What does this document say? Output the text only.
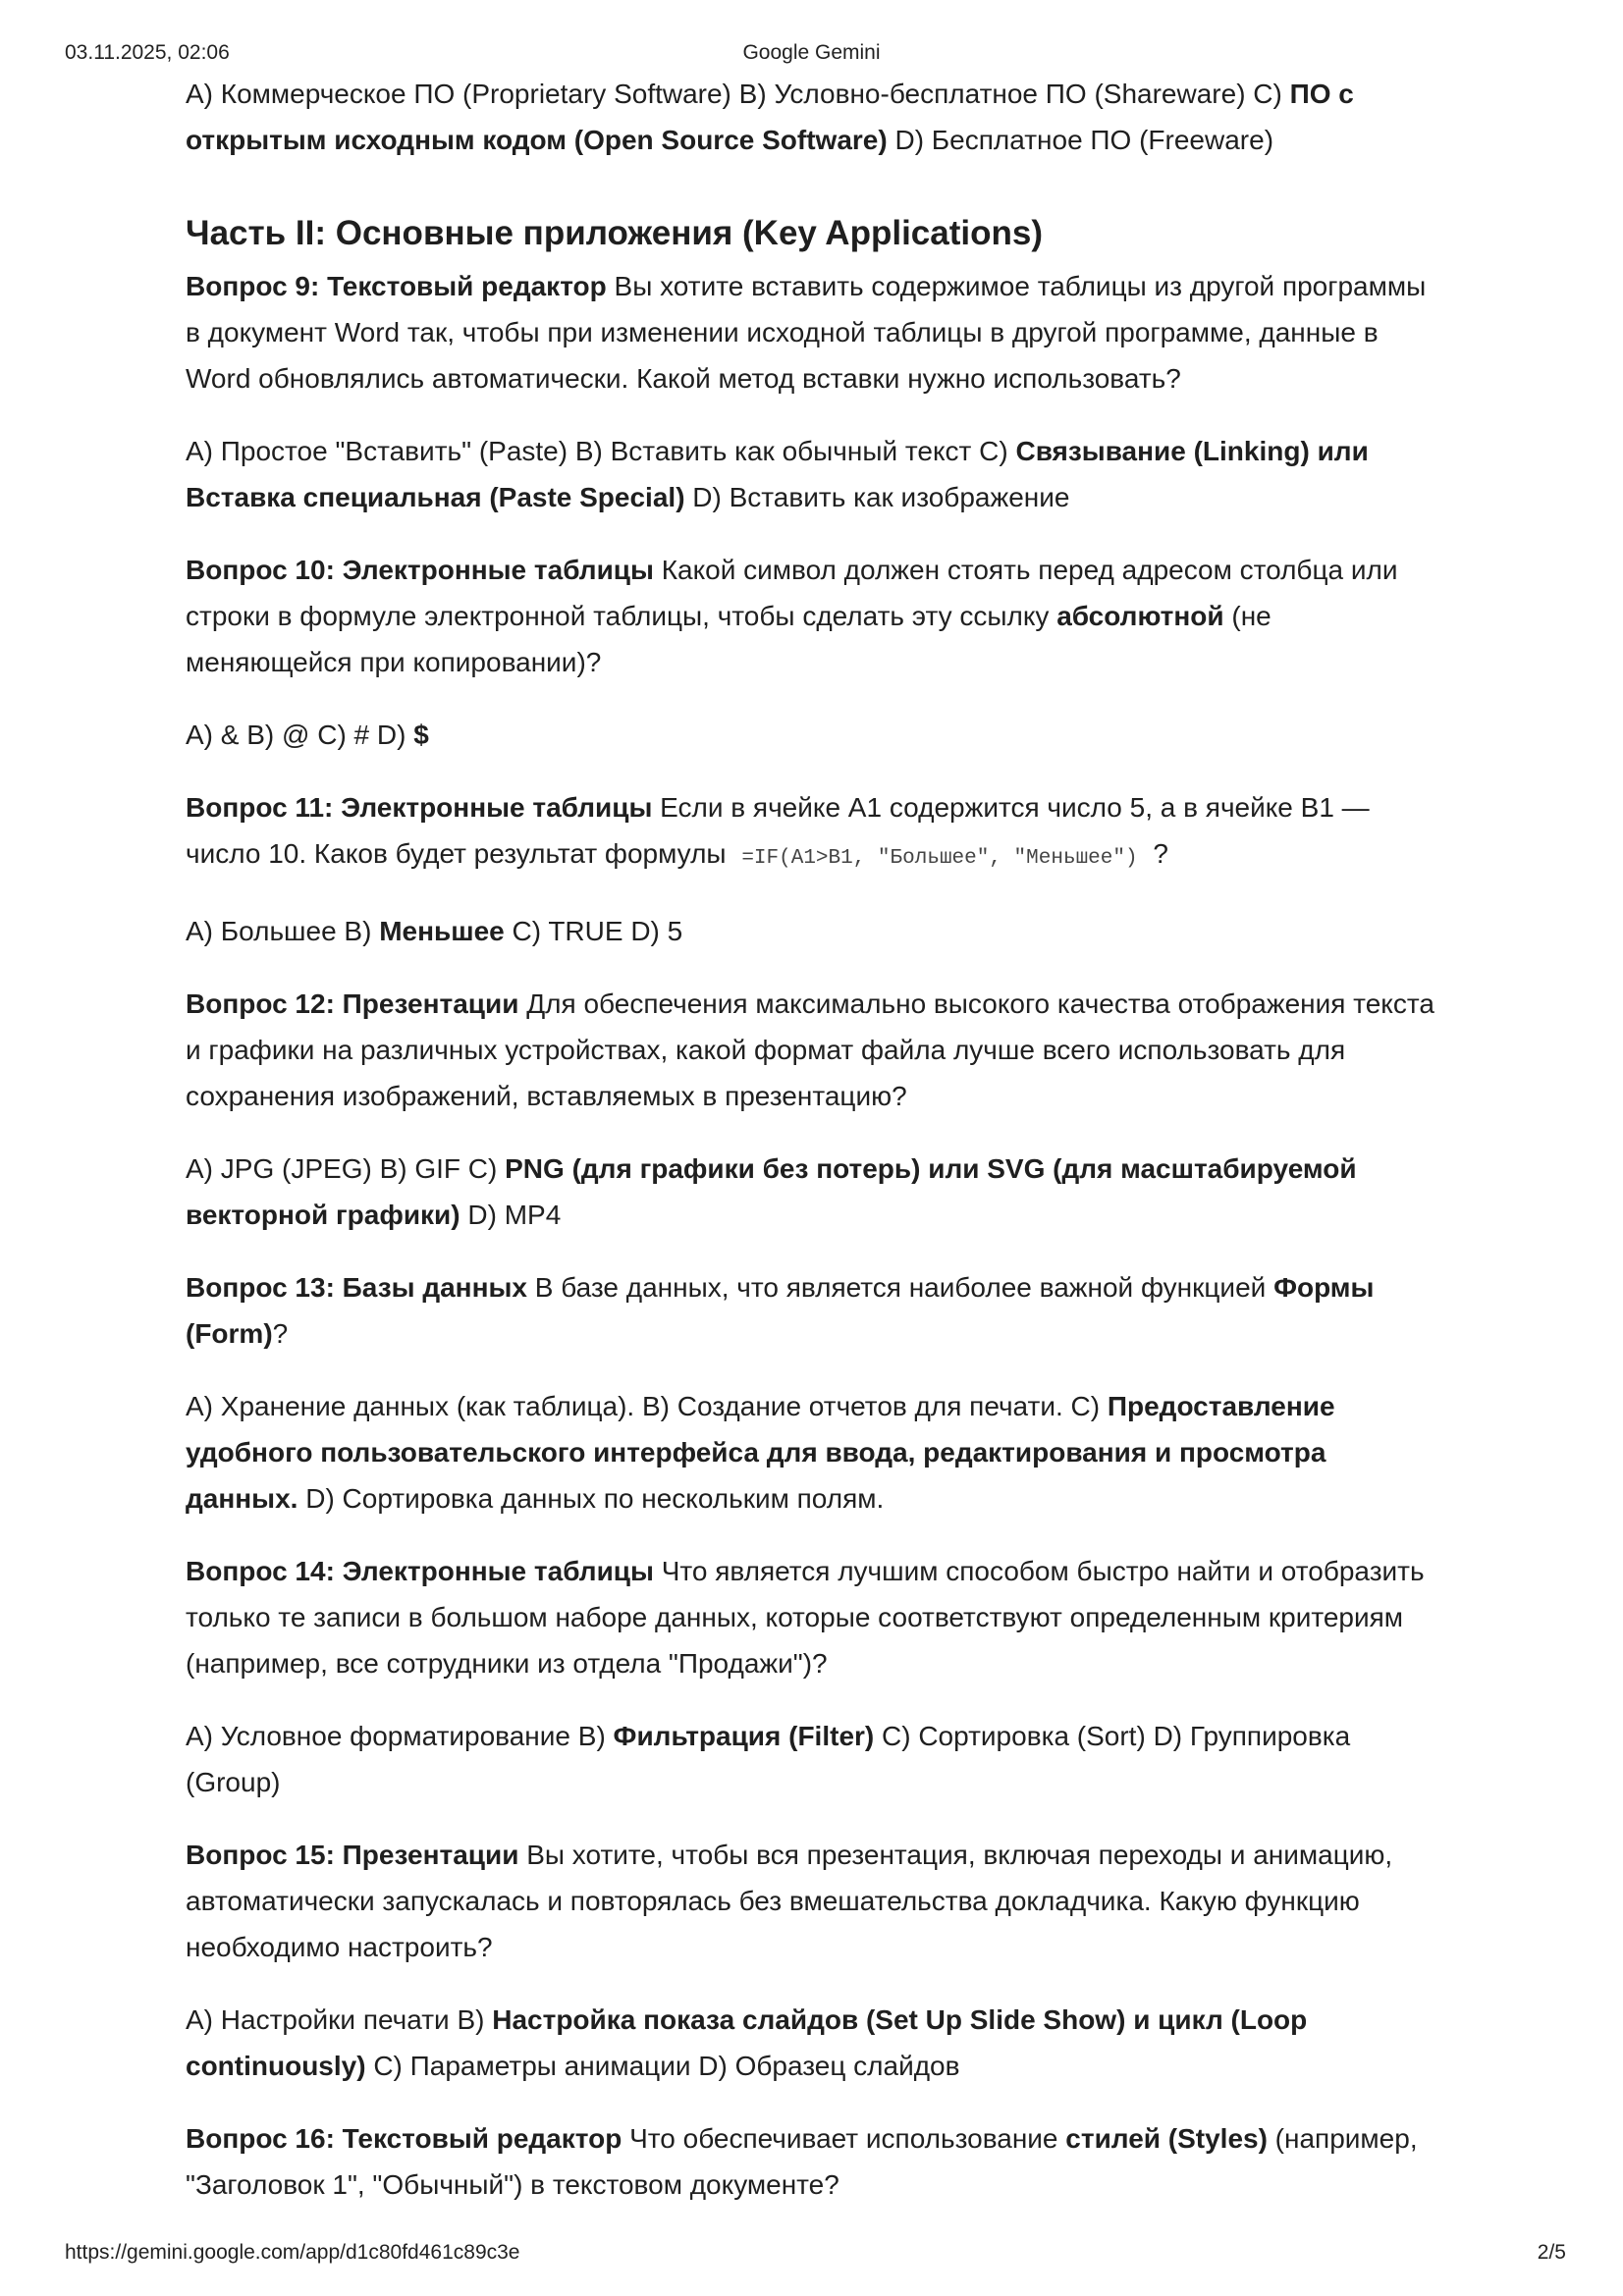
03.11.2025, 02:06	Google Gemini

A) Коммерческое ПО (Proprietary Software) B) Условно-бесплатное ПО (Shareware) C) ПО с открытым исходным кодом (Open Source Software) D) Бесплатное ПО (Freeware)

Часть II: Основные приложения (Key Applications)

Вопрос 9: Текстовый редактор Вы хотите вставить содержимое таблицы из другой программы в документ Word так, чтобы при изменении исходной таблицы в другой программе, данные в Word обновлялись автоматически. Какой метод вставки нужно использовать?

A) Простое "Вставить" (Paste) B) Вставить как обычный текст C) Связывание (Linking) или Вставка специальная (Paste Special) D) Вставить как изображение

Вопрос 10: Электронные таблицы Какой символ должен стоять перед адресом столбца или строки в формуле электронной таблицы, чтобы сделать эту ссылку абсолютной (не меняющейся при копировании)?

A) & B) @ C) # D) $

Вопрос 11: Электронные таблицы Если в ячейке A1 содержится число 5, а в ячейке B1 — число 10. Каков будет результат формулы =IF(A1>B1, "Большее", "Меньшее") ?

A) Большее B) Меньшее C) TRUE D) 5

Вопрос 12: Презентации Для обеспечения максимально высокого качества отображения текста и графики на различных устройствах, какой формат файла лучше всего использовать для сохранения изображений, вставляемых в презентацию?

A) JPG (JPEG) B) GIF C) PNG (для графики без потерь) или SVG (для масштабируемой векторной графики) D) MP4

Вопрос 13: Базы данных В базе данных, что является наиболее важной функцией Формы (Form)?

A) Хранение данных (как таблица). B) Создание отчетов для печати. C) Предоставление удобного пользовательского интерфейса для ввода, редактирования и просмотра данных. D) Сортировка данных по нескольким полям.

Вопрос 14: Электронные таблицы Что является лучшим способом быстро найти и отобразить только те записи в большом наборе данных, которые соответствуют определенным критериям (например, все сотрудники из отдела "Продажи")?

A) Условное форматирование B) Фильтрация (Filter) C) Сортировка (Sort) D) Группировка (Group)

Вопрос 15: Презентации Вы хотите, чтобы вся презентация, включая переходы и анимацию, автоматически запускалась и повторялась без вмешательства докладчика. Какую функцию необходимо настроить?

A) Настройки печати B) Настройка показа слайдов (Set Up Slide Show) и цикл (Loop continuously) C) Параметры анимации D) Образец слайдов

Вопрос 16: Текстовый редактор Что обеспечивает использование стилей (Styles) (например, "Заголовок 1", "Обычный") в текстовом документе?

https://gemini.google.com/app/d1c80fd461c89c3e	2/5
